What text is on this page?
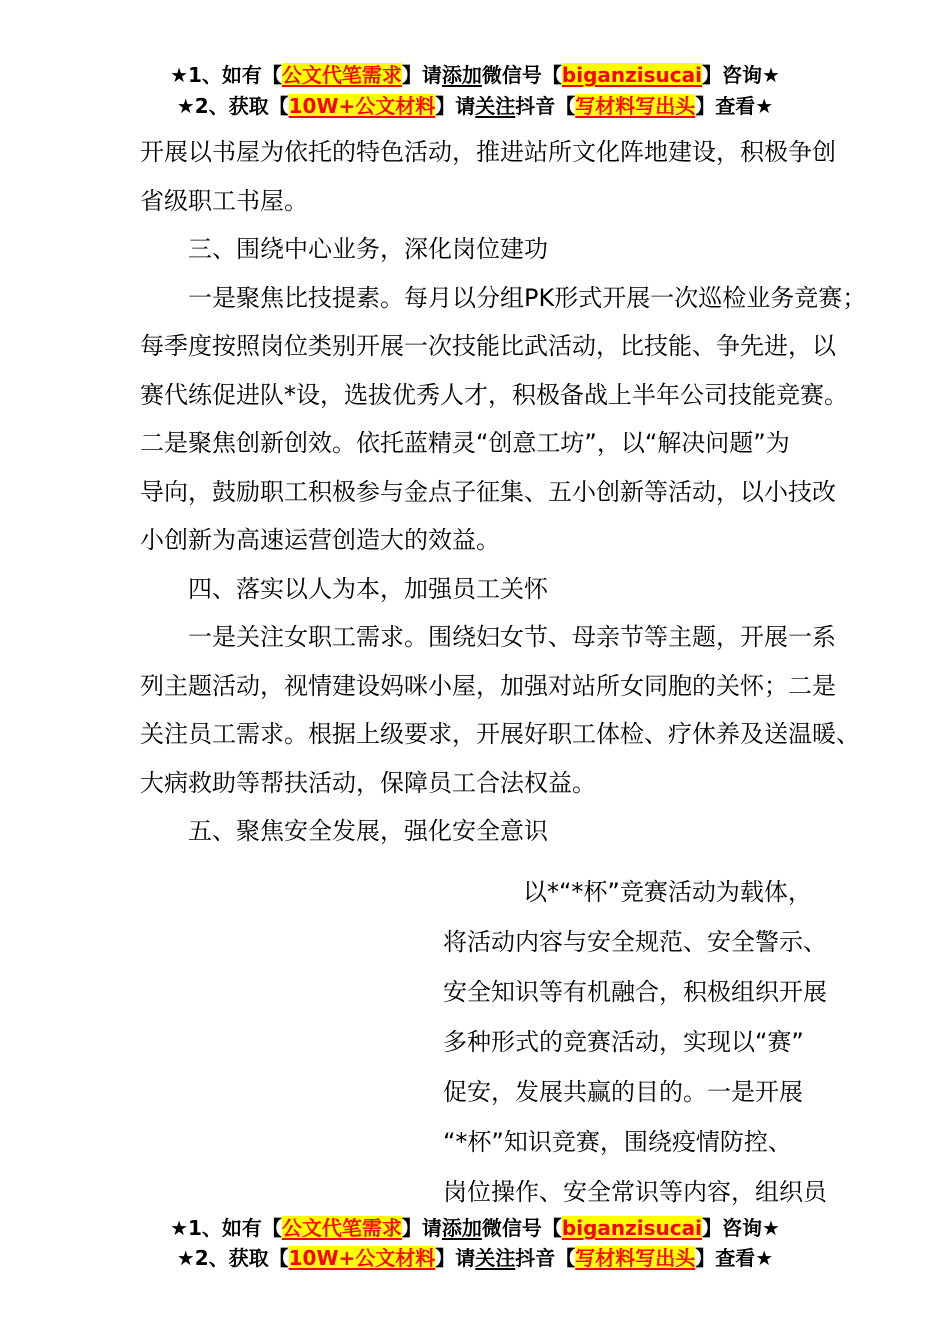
★1、如有【公文代笔需求】请添加微信号【biganzisucai】咨询★
★2、获取【10W+公文材料】请关注抖音【写材料写出头】查看★
开展以书屋为依托的特色活动，推进站所文化阵地建设，积极争创
省级职工书屋。
三、围绕中心业务，深化岗位建功
一是聚焦比技提素。每月以分组PK形式开展一次巡检业务竞赛；
每季度按照岗位类别开展一次技能比武活动，比技能、争先进，以
赛代练促进队*设，选拔优秀人才，积极备战上半年公司技能竞赛。
二是聚焦创新创效。依托蓝精灵“创意工坊”，以“解决问题”为
导向，鼓励职工积极参与金点子征集、五小创新等活动，以小技改
小创新为高速运营创造大的效益。
四、落实以人为本，加强员工关怀
一是关注女职工需求。围绕妇女节、母亲节等主题，开展一系
列主题活动，视情建设妈咪小屋，加强对站所女同胞的关怀；二是
关注员工需求。根据上级要求，开展好职工体检、疗休养及送温暖、
大病救助等帮扶活动，保障员工合法权益。
五、聚焦安全发展，强化安全意识
以*“*杯”竞赛活动为载体，
将活动内容与安全规范、安全警示、
安全知识等有机融合，积极组织开展
多种形式的竞赛活动，实现以“赛”
促安，发展共赢的目的。一是开展
“*杯”知识竞赛，围绕疫情防控、
岗位操作、安全常识等内容，组织员
★1、如有【公文代笔需求】请添加微信号【biganzisucai】咨询★
★2、获取【10W+公文材料】请关注抖音【写材料写出头】查看★
